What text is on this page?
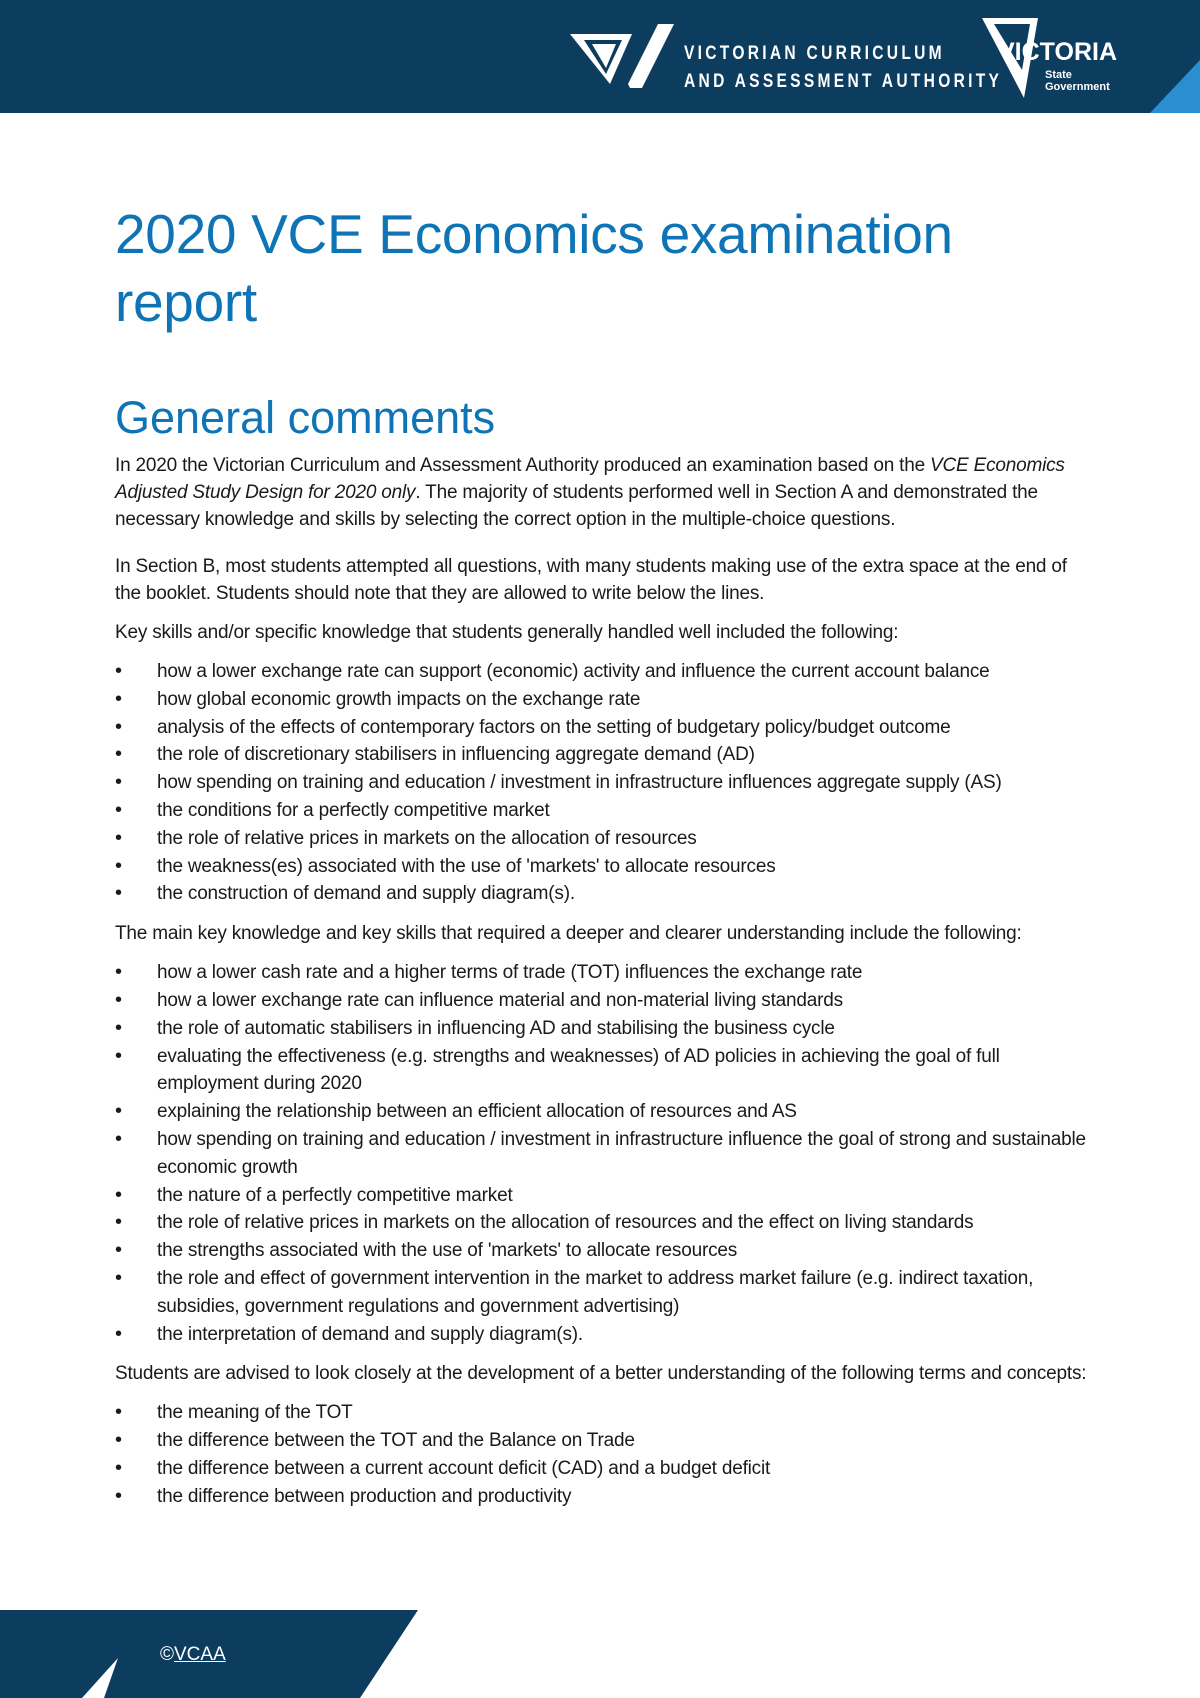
VICTORIAN CURRICULUM
AND ASSESSMENT AUTHORITY
VICTORIA
State
Government
2020 VCE Economics examination
report
General comments

In 2020 the Victorian Curriculum and Assessment Authority produced an examination based on the VCE Economics Adjusted Study Design for 2020 only. The majority of students performed well in Section A and demonstrated the necessary knowledge and skills by selecting the correct option in the multiple-choice questions.

In Section B, most students attempted all questions, with many students making use of the extra space at the end of the booklet. Students should note that they are allowed to write below the lines.

Key skills and/or specific knowledge that students generally handled well included the following:

• how a lower exchange rate can support (economic) activity and influence the current account balance
• how global economic growth impacts on the exchange rate
• analysis of the effects of contemporary factors on the setting of budgetary policy/budget outcome
• the role of discretionary stabilisers in influencing aggregate demand (AD)
• how spending on training and education / investment in infrastructure influences aggregate supply (AS)
• the conditions for a perfectly competitive market
• the role of relative prices in markets on the allocation of resources
• the weakness(es) associated with the use of 'markets' to allocate resources
• the construction of demand and supply diagram(s).

The main key knowledge and key skills that required a deeper and clearer understanding include the following:

• how a lower cash rate and a higher terms of trade (TOT) influences the exchange rate
• how a lower exchange rate can influence material and non-material living standards
• the role of automatic stabilisers in influencing AD and stabilising the business cycle
• evaluating the effectiveness (e.g. strengths and weaknesses) of AD policies in achieving the goal of full employment during 2020
• explaining the relationship between an efficient allocation of resources and AS
• how spending on training and education / investment in infrastructure influence the goal of strong and sustainable economic growth
• the nature of a perfectly competitive market
• the role of relative prices in markets on the allocation of resources and the effect on living standards
• the strengths associated with the use of 'markets' to allocate resources
• the role and effect of government intervention in the market to address market failure (e.g. indirect taxation, subsidies, government regulations and government advertising)
• the interpretation of demand and supply diagram(s).

Students are advised to look closely at the development of a better understanding of the following terms and concepts:

• the meaning of the TOT
• the difference between the TOT and the Balance on Trade
• the difference between a current account deficit (CAD) and a budget deficit
• the difference between production and productivity
©VCAA
